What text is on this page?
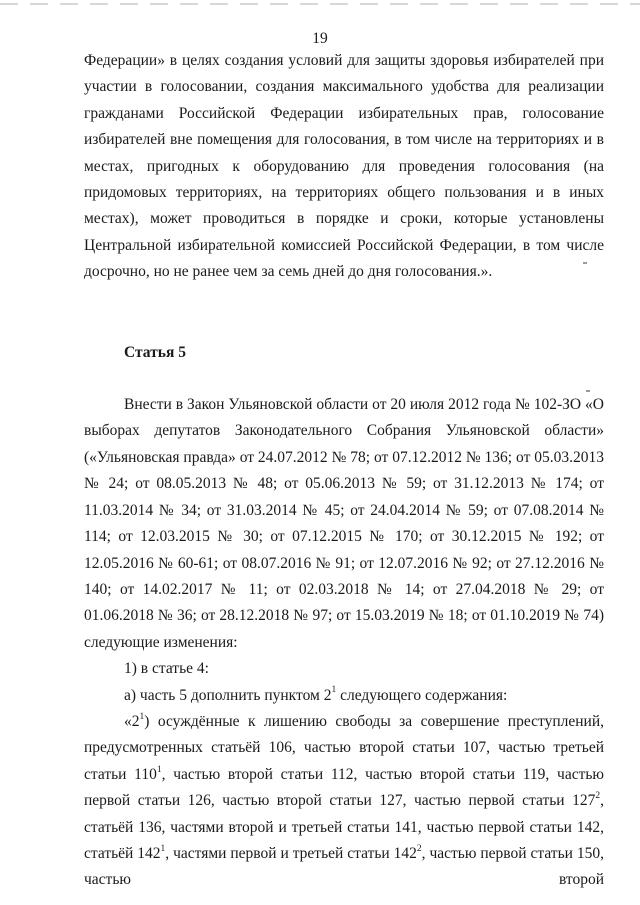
19

Федерации» в целях создания условий для защиты здоровья избирателей при участии в голосовании, создания максимального удобства для реализации гражданами Российской Федерации избирательных прав, голосование избирателей вне помещения для голосования, в том числе на территориях и в местах, пригодных к оборудованию для проведения голосования (на придомовых территориях, на территориях общего пользования и в иных местах), может проводиться в порядке и сроки, которые установлены Центральной избирательной комиссией Российской Федерации, в том числе досрочно, но не ранее чем за семь дней до дня голосования.».

Статья 5

Внести в Закон Ульяновской области от 20 июля 2012 года № 102-ЗО «О выборах депутатов Законодательного Собрания Ульяновской области» («Ульяновская правда» от 24.07.2012 № 78; от 07.12.2012 № 136; от 05.03.2013 № 24; от 08.05.2013 № 48; от 05.06.2013 № 59; от 31.12.2013 № 174; от 11.03.2014 № 34; от 31.03.2014 № 45; от 24.04.2014 № 59; от 07.08.2014 № 114; от 12.03.2015 № 30; от 07.12.2015 № 170; от 30.12.2015 № 192; от 12.05.2016 № 60-61; от 08.07.2016 № 91; от 12.07.2016 № 92; от 27.12.2016 № 140; от 14.02.2017 № 11; от 02.03.2018 № 14; от 27.04.2018 № 29; от 01.06.2018 № 36; от 28.12.2018 № 97; от 15.03.2019 № 18; от 01.10.2019 № 74) следующие изменения:

1) в статье 4:

а) часть 5 дополнить пунктом $2^1$ следующего содержания:

«$2^1$) осуждённые к лишению свободы за совершение преступлений, предусмотренных статьёй 106, частью второй статьи 107, частью третьей статьи $110^1$, частью второй статьи 112, частью второй статьи 119, частью первой статьи 126, частью второй статьи 127, частью первой статьи $127^2$, статьёй 136, частями второй и третьей статьи 141, частью первой статьи 142, статьёй $142^1$, частями первой и третьей статьи $142^2$, частью первой статьи 150, частью второй
